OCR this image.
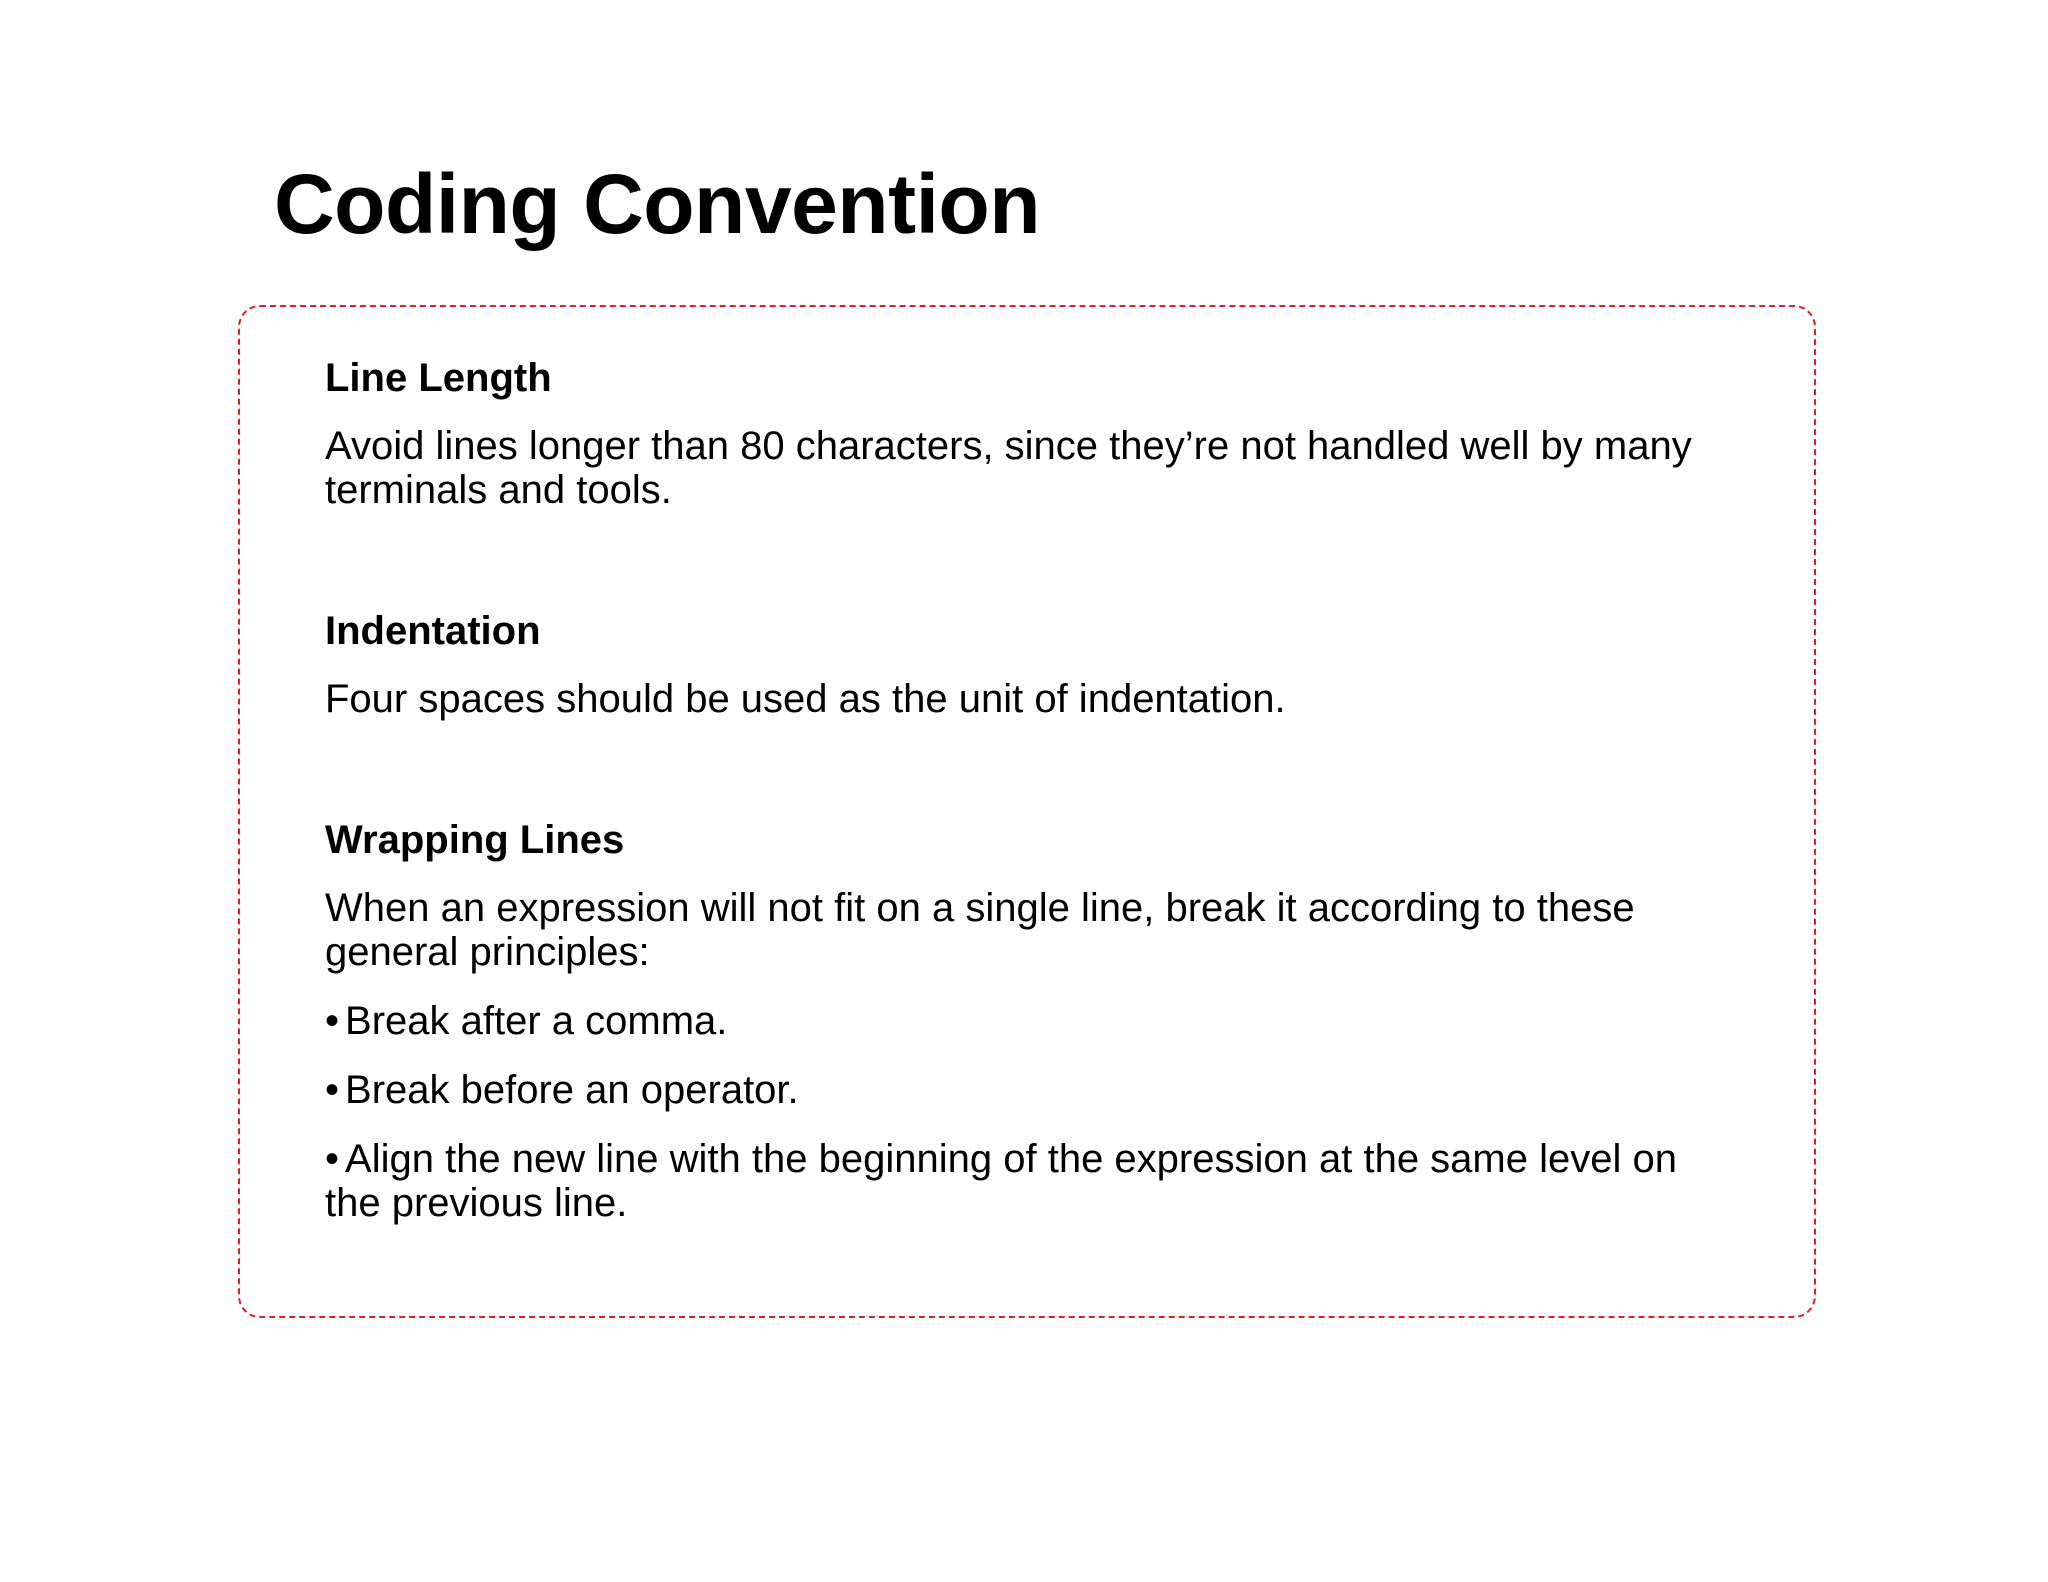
Coding Convention

Line Length

Avoid lines longer than 80 characters, since they’re not handled well by many terminals and tools.

Indentation

Four spaces should be used as the unit of indentation.

Wrapping Lines

When an expression will not fit on a single line, break it according to these general principles:

• Break after a comma.

• Break before an operator.

• Align the new line with the beginning of the expression at the same level on the previous line.
